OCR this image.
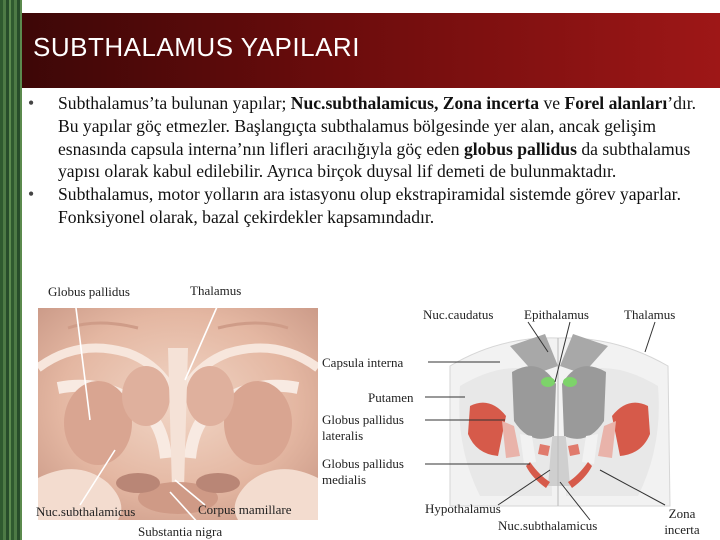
SUBTHALAMUS YAPILARI

• Subthalamus’ta bulunan yapılar; Nuc.subthalamicus, Zona incerta ve Forel alanları’dır. Bu yapılar göç etmezler. Başlangıçta subthalamus bölgesinde yer alan, ancak gelişim esnasında capsula interna’nın lifleri aracılığıyla göç eden globus pallidus da subthalamus yapısı olarak kabul edilebilir. Ayrıca birçok duysal lif demeti de bulunmaktadır.

• Subthalamus, motor yolların ara istasyonu olup ekstrapiramidal sistemde görev yaparlar. Fonksiyonel olarak, bazal çekirdekler kapsamındadır.

Globus pallidus	Thalamus
Nuc.caudatus Epithalamus	Thalamus
Capsula interna
Putamen
Globus pallidus lateralis
Globus pallidus medialis
Hypothalamus
Nuc.subthalamicus
Zona incerta
Nuc.subthalamicus	Corpus mamillare
Substantia nigra
